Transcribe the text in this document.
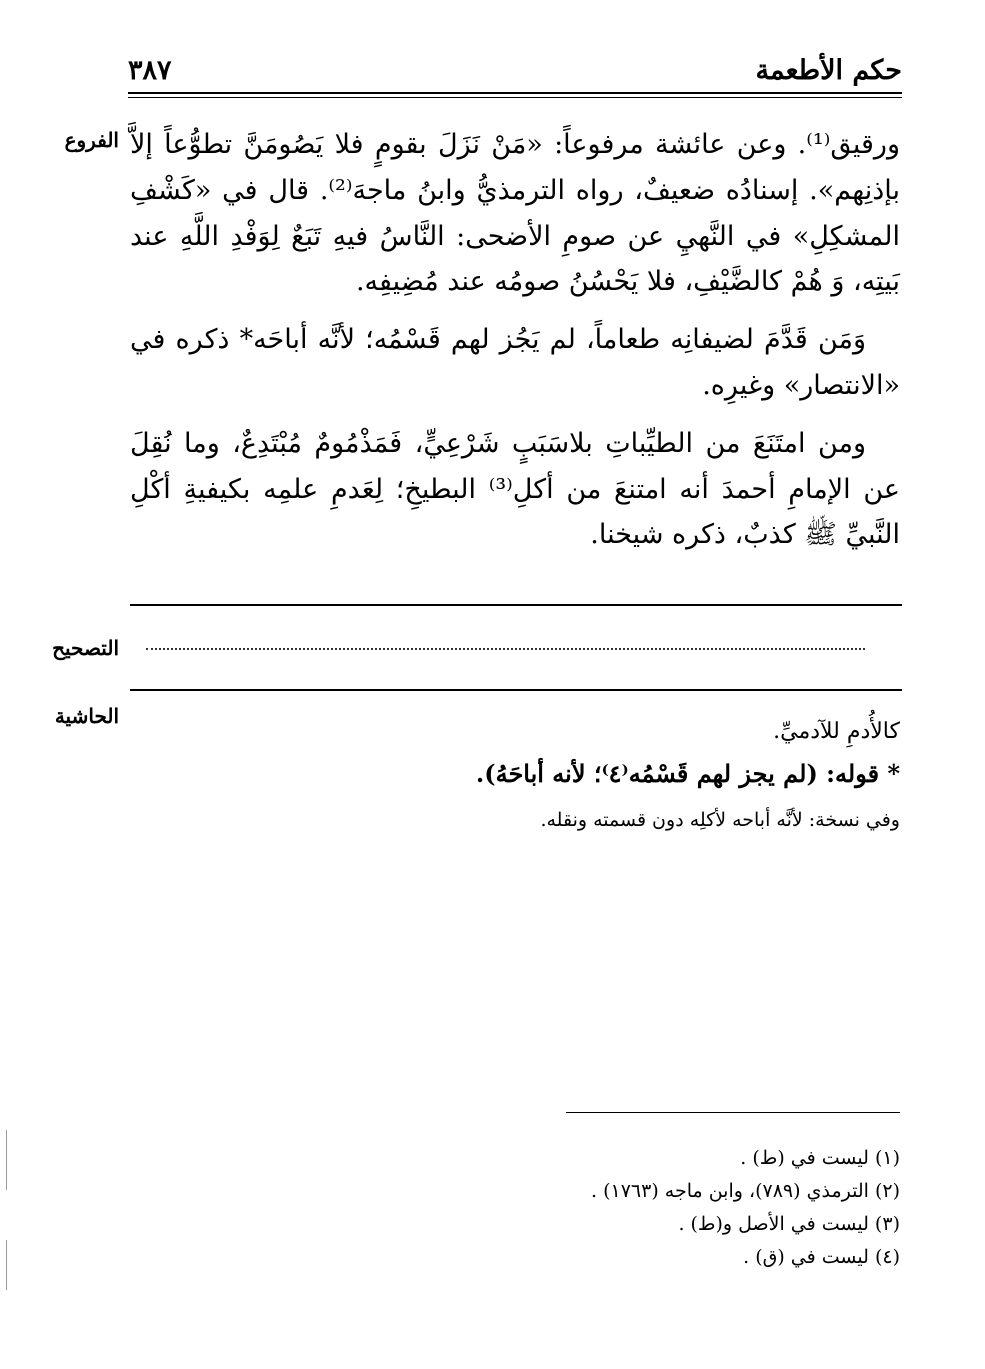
حكم الأطعمة
٣٨٧
الفروع ورقيق⁽¹⁾. وعن عائشة مرفوعاً: «مَنْ نَزَلَ بقومٍ فلا يَصُومَنَّ تطوُّعاً إلاَّ بإذنِهم». إسنادُه ضعيفٌ، رواه الترمذيُّ وابنُ ماجهَ⁽²⁾. قال في «كَشْفِ المشكِلِ» في النَّهيِ عن صومِ الأضحى: النَّاسُ فيهِ تَبَعٌ لِوَفْدِ اللَّهِ عند بَيتِه، وَ هُمْ كالضَّيْفِ، فلا يَحْسُنُ صومُه عند مُضِيفِه.

وَمَن قَدَّمَ لضيفانِه طعاماً، لم يَجُز لهم قَسْمُه؛ لأنَّه أباحَه* ذكره في «الانتصار» وغيرِه.

ومن امتَنَعَ من الطيِّباتِ بلاسَبَبٍ شَرْعِيٍّ، فَمَذْمُومٌ مُبْتَدِعٌ، وما نُقِلَ عن الإمامِ أحمدَ أنه امتنعَ من أكلِ⁽³⁾ البطيخِ؛ لِعَدمِ علمِه بكيفيةِ أكْلِ النَّبيِّ ﷺ كذبٌ، ذكره شيخنا.

التصحيح
الحاشية
كالأُدمِ للآدميِّ.
* قوله: (لم يجز لهم قَسْمُه⁽٤⁾؛ لأنه أباحَهُ).
وفي نسخة: لأنَّه أباحه لأكلِه دون قسمته ونقله.
(١) ليست في (ط) .
(٢) الترمذي (٧٨٩)، وابن ماجه (١٧٦٣) .
(٣) ليست في الأصل و(ط) .
(٤) ليست في (ق) .
